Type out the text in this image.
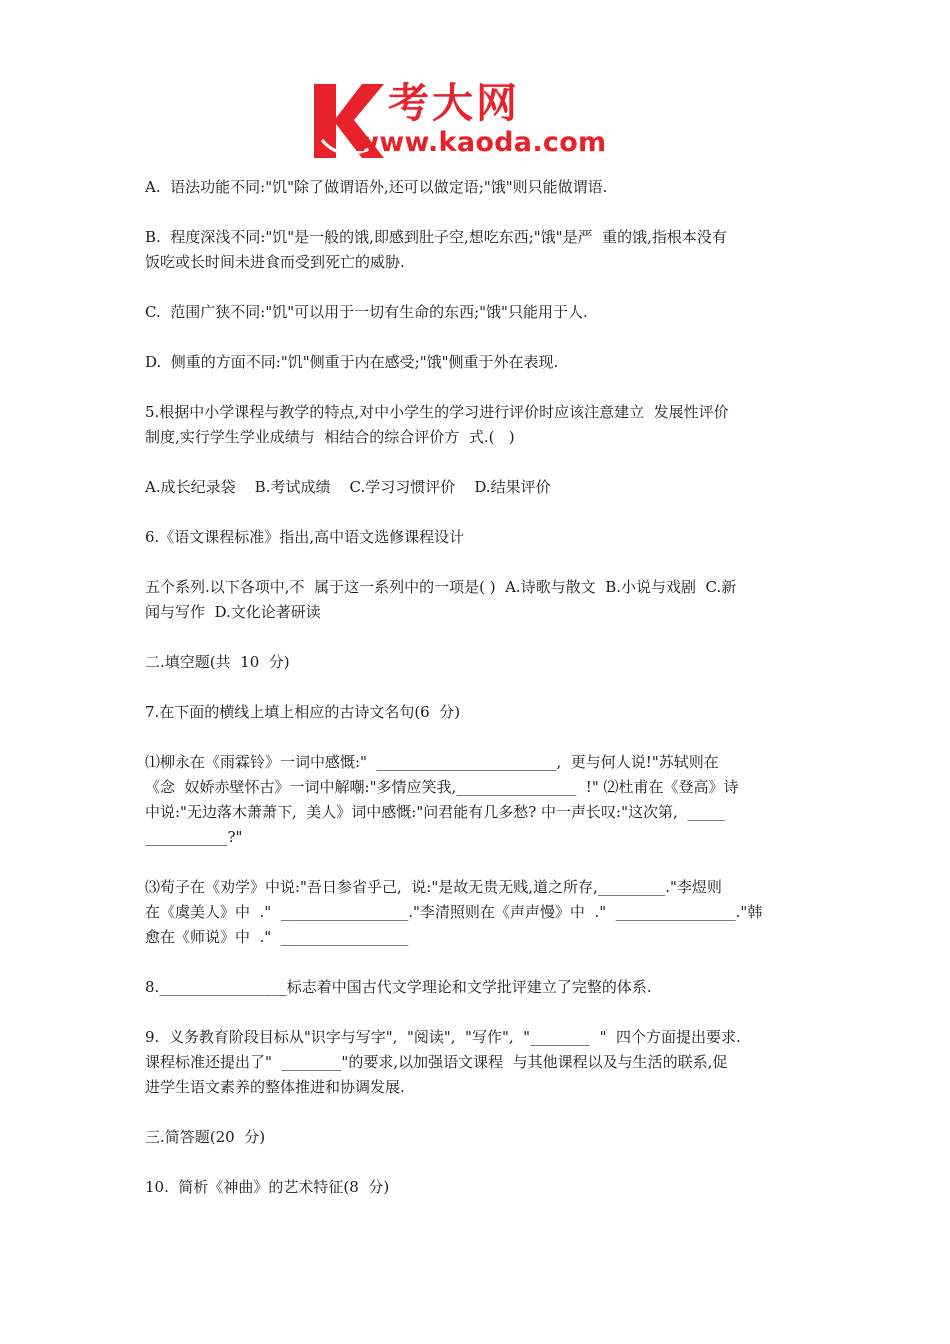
考大网
www.kaoda.com

A.  语法功能不同:"饥"除了做谓语外,还可以做定语;"饿"则只能做谓语.

B.  程度深浅不同:"饥"是一般的饿,即感到肚子空,想吃东西;"饿"是严  重的饿,指根本没有

饭吃或长时间未进食而受到死亡的威胁.

C.  范围广狭不同:"饥"可以用于一切有生命的东西;"饿"只能用于人.

D.  侧重的方面不同:"饥"侧重于内在感受;"饿"侧重于外在表现.

5.根据中小学课程与教学的特点,对中小学生的学习进行评价时应该注意建立  发展性评价

制度,实行学生学业成绩与  相结合的综合评价方  式.(   )

A.成长纪录袋    B.考试成绩    C.学习习惯评价    D.结果评价

6.《语文课程标准》指出,高中语文选修课程设计

五个系列.以下各项中,不  属于这一系列中的一项是( )  A.诗歌与散文  B.小说与戏剧  C.新

闻与写作  D.文化论著研读

二.填空题(共  10  分)

7.在下面的横线上填上相应的古诗文名句(6  分)

⑴柳永在《雨霖铃》一词中感慨:"  ________________________,  更与何人说!"苏轼则在

《念  奴娇赤壁怀古》一词中解嘲:"多情应笑我,________________  !" ⑵杜甫在《登高》诗

中说:"无边落木萧萧下,  美人》词中感慨:"问君能有几多愁? 中一声长叹:"这次第,  _____

___________?"

⑶荀子在《劝学》中说:"吾日参省乎己,  说:"是故无贵无贱,道之所存,_________."李煜则

在《虞美人》中  ."  _________________."李清照则在《声声慢》中  ."  ________________."韩

愈在《师说》中  ."  _________________

8._________________标志着中国古代文学理论和文学批评建立了完整的体系.

9.  义务教育阶段目标从"识字与写字",  "阅读",  "写作",  "________  "  四个方面提出要求.

课程标准还提出了"  ________"的要求,以加强语文课程  与其他课程以及与生活的联系,促

进学生语文素养的整体推进和协调发展.

三.简答题(20  分)

10.  简析《神曲》的艺术特征(8  分)
